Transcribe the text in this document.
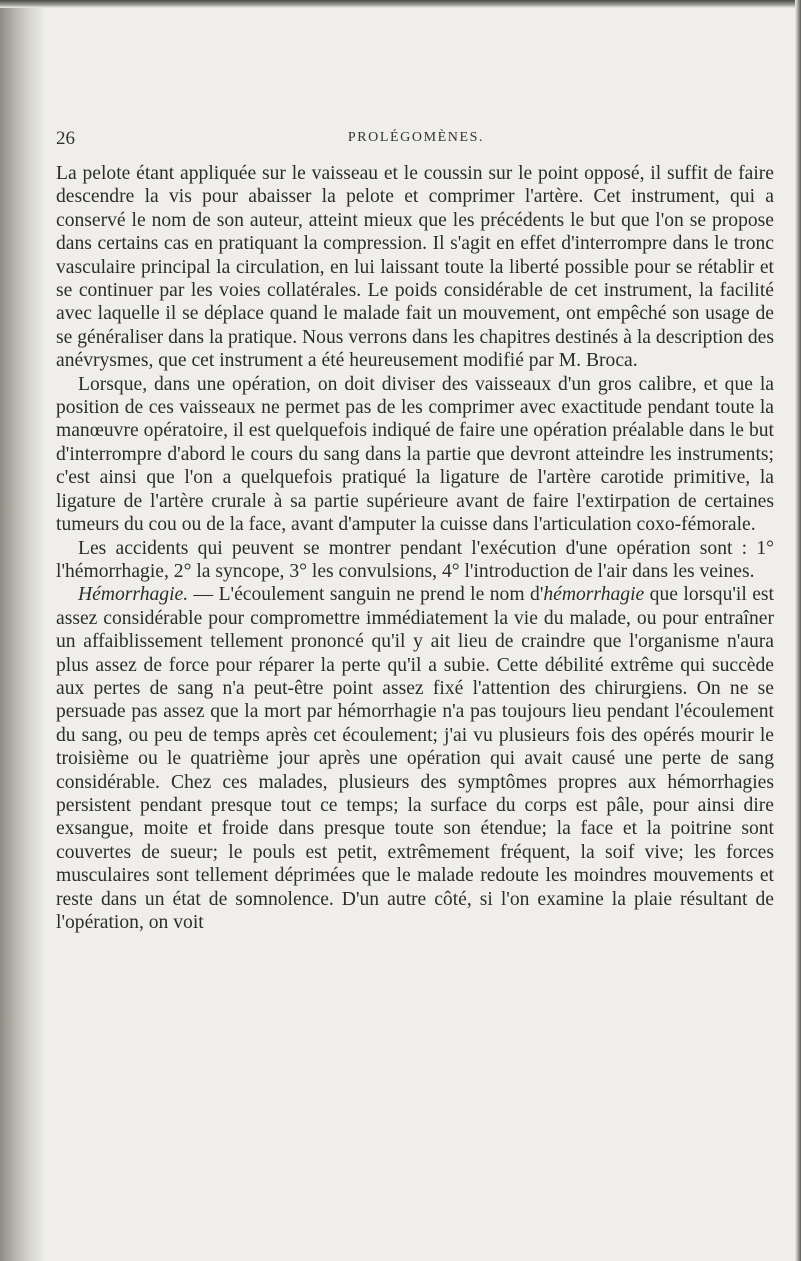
26	PROLÉGOMÈNES.

La pelote étant appliquée sur le vaisseau et le coussin sur le point opposé, il suffit de faire descendre la vis pour abaisser la pelote et comprimer l'artère. Cet instrument, qui a conservé le nom de son auteur, atteint mieux que les précédents le but que l'on se propose dans certains cas en pratiquant la compression. Il s'agit en effet d'interrompre dans le tronc vasculaire principal la circulation, en lui laissant toute la liberté possible pour se rétablir et se continuer par les voies collatérales. Le poids considérable de cet instrument, la facilité avec laquelle il se déplace quand le malade fait un mouvement, ont empêché son usage de se généraliser dans la pratique. Nous verrons dans les chapitres destinés à la description des anévrysmes, que cet instrument a été heureusement modifié par M. Broca.

Lorsque, dans une opération, on doit diviser des vaisseaux d'un gros calibre, et que la position de ces vaisseaux ne permet pas de les comprimer avec exactitude pendant toute la manœuvre opératoire, il est quelquefois indiqué de faire une opération préalable dans le but d'interrompre d'abord le cours du sang dans la partie que devront atteindre les instruments; c'est ainsi que l'on a quelquefois pratiqué la ligature de l'artère carotide primitive, la ligature de l'artère crurale à sa partie supérieure avant de faire l'extirpation de certaines tumeurs du cou ou de la face, avant d'amputer la cuisse dans l'articulation coxo-fémorale.

Les accidents qui peuvent se montrer pendant l'exécution d'une opération sont : 1° l'hémorrhagie, 2° la syncope, 3° les convulsions, 4° l'introduction de l'air dans les veines.

Hémorrhagie. — L'écoulement sanguin ne prend le nom d'hémorrhagie que lorsqu'il est assez considérable pour compromettre immédiatement la vie du malade, ou pour entraîner un affaiblissement tellement prononcé qu'il y ait lieu de craindre que l'organisme n'aura plus assez de force pour réparer la perte qu'il a subie. Cette débilité extrême qui succède aux pertes de sang n'a peut-être point assez fixé l'attention des chirurgiens. On ne se persuade pas assez que la mort par hémorrhagie n'a pas toujours lieu pendant l'écoulement du sang, ou peu de temps après cet écoulement; j'ai vu plusieurs fois des opérés mourir le troisième ou le quatrième jour après une opération qui avait causé une perte de sang considérable. Chez ces malades, plusieurs des symptômes propres aux hémorrhagies persistent pendant presque tout ce temps; la surface du corps est pâle, pour ainsi dire exsangue, moite et froide dans presque toute son étendue; la face et la poitrine sont couvertes de sueur; le pouls est petit, extrêmement fréquent, la soif vive; les forces musculaires sont tellement déprimées que le malade redoute les moindres mouvements et reste dans un état de somnolence. D'un autre côté, si l'on examine la plaie résultant de l'opération, on voit
